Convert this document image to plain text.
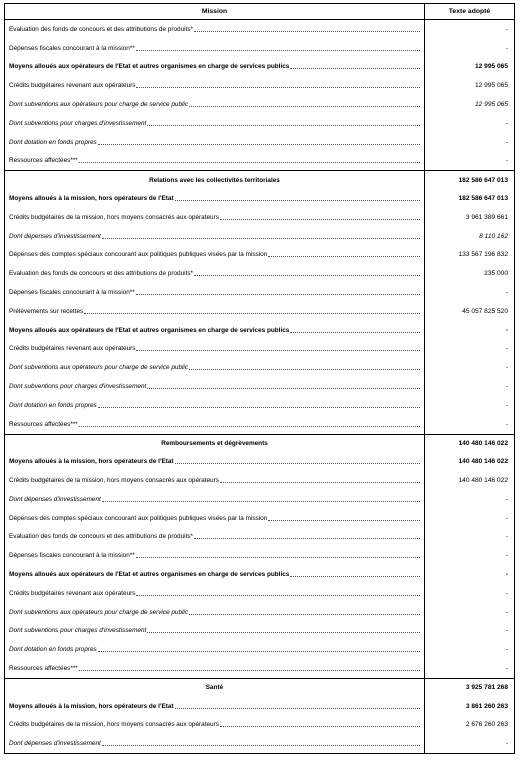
Mission	Texte adopté
Evaluation des fonds de concours et des attributions de produits*	-
Dépenses fiscales concourant à la mission**	-
Moyens alloués aux opérateurs de l'Etat et autres organismes en charge de services publics	12 995 065
Crédits budgétaires revenant aux opérateurs	12 995 065
Dont subventions aux opérateurs pour charge de service public	12 995 065
Dont subventions pour charges d'investissement	-
Dont dotation en fonds propres	-
Ressources affectées***	-
Relations avec les collectivités territoriales	182 586 647 013
Moyens alloués à la mission, hors opérateurs de l'Etat	182 586 647 013
Crédits budgétaires de la mission, hors moyens consacrés aux opérateurs	3 961 389 661
Dont dépenses d'investissement	8 110 162
Dépenses des comptes spéciaux concourant aux politiques publiques visées par la mission	133 567 196 832
Evaluation des fonds de concours et des attributions de produits*	235 000
Dépenses fiscales concourant à la mission**	-
Prélèvements sur recettes	45 057 825 520
Moyens alloués aux opérateurs de l'Etat et autres organismes en charge de services publics	-
Crédits budgétaires revenant aux opérateurs	-
Dont subventions aux opérateurs pour charge de service public	-
Dont subventions pour charges d'investissement	-
Dont dotation en fonds propres	-
Ressources affectées***	-
Remboursements et dégrèvements	140 480 146 022
Moyens alloués à la mission, hors opérateurs de l'Etat	140 480 146 022
Crédits budgétaires de la mission, hors moyens consacrés aux opérateurs	140 480 146 022
Dont dépenses d'investissement	-
Dépenses des comptes spéciaux concourant aux politiques publiques visées par la mission	-
Evaluation des fonds de concours et des attributions de produits*	-
Dépenses fiscales concourant à la mission**	-
Moyens alloués aux opérateurs de l'Etat et autres organismes en charge de services publics	-
Crédits budgétaires revenant aux opérateurs	-
Dont subventions aux opérateurs pour charge de service public	-
Dont subventions pour charges d'investissement	-
Dont dotation en fonds propres	-
Ressources affectées***	-
Santé	3 925 781 268
Moyens alloués à la mission, hors opérateurs de l'Etat	3 861 260 263
Crédits budgétaires de la mission, hors moyens consacrés aux opérateurs	2 676 260 263
Dont dépenses d'investissement	-
